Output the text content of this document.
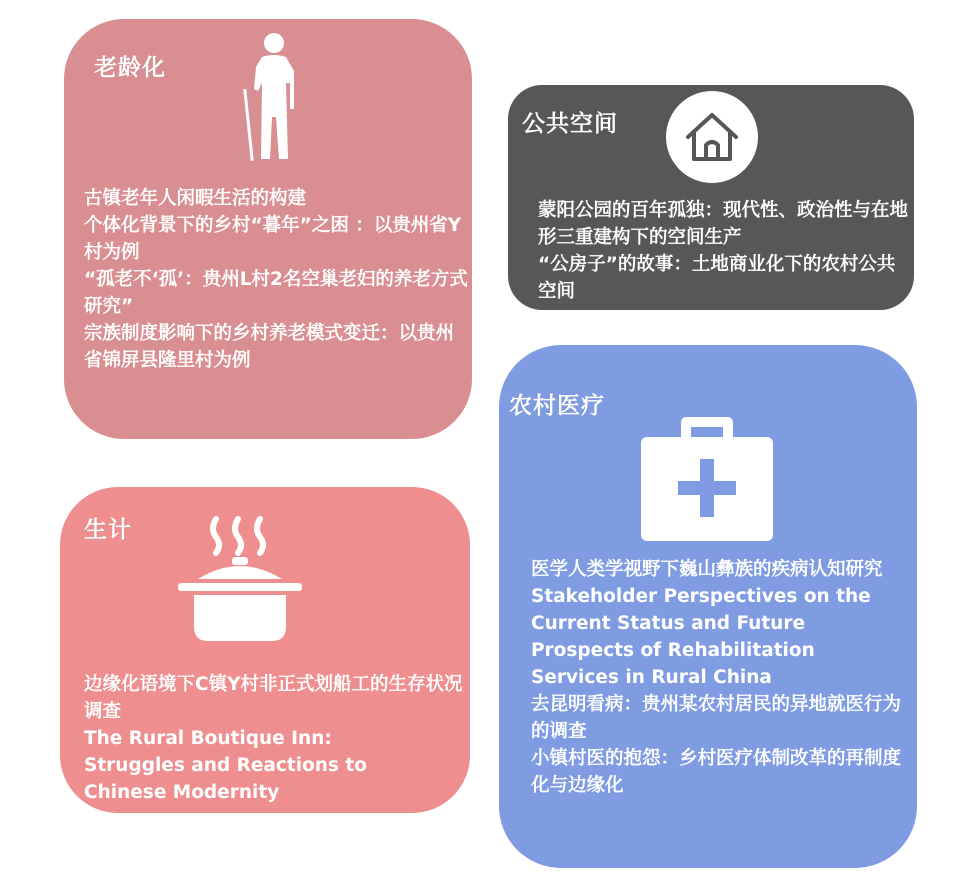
老龄化
古镇老年人闲暇生活的构建
个体化背景下的乡村“暮年”之困 ：以贵州省Y村为例
“孤老不‘孤’：贵州L村2名空巢老妇的养老方式研究”
宗族制度影响下的乡村养老模式变迁：以贵州省锦屏县隆里村为例
公共空间
蒙阳公园的百年孤独：现代性、政治性与在地形三重建构下的空间生产
“公房子”的故事：土地商业化下的农村公共空间
生计
边缘化语境下C镇Y村非正式划船工的生存状况调查
The Rural Boutique Inn: Struggles and Reactions to Chinese Modernity
农村医疗
医学人类学视野下巍山彝族的疾病认知研究
Stakeholder Perspectives on the Current Status and Future Prospects of Rehabilitation Services in Rural China
去昆明看病：贵州某农村居民的异地就医行为的调查
小镇村医的抱怨：乡村医疗体制改革的再制度化与边缘化
